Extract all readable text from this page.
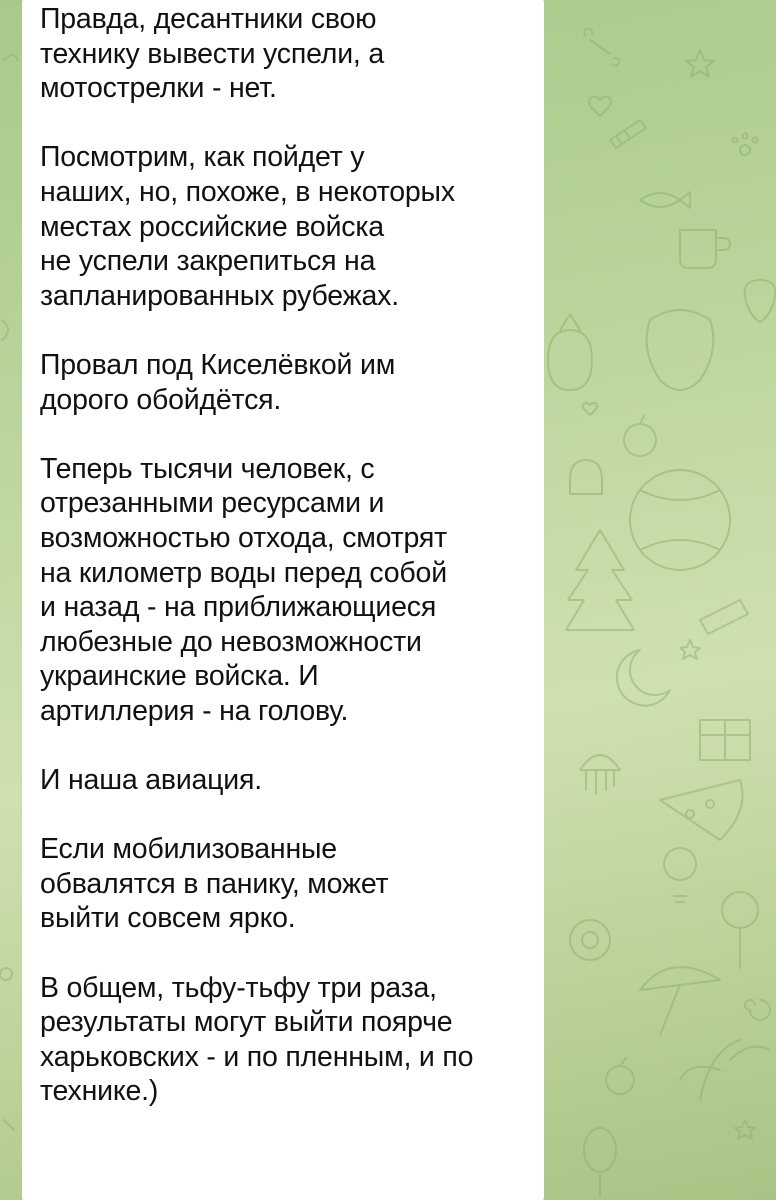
Правда, десантники свою
технику вывести успели, а
мотострелки - нет.

Посмотрим, как пойдет у
наших, но, похоже, в некоторых
местах российские войска
не успели закрепиться на
запланированных рубежах.

Провал под Киселёвкой им
дорого обойдётся.

Теперь тысячи человек, с
отрезанными ресурсами и
возможностью отхода, смотрят
на километр воды перед собой
и назад - на приближающиеся
любезные до невозможности
украинские войска. И
артиллерия - на голову.

И наша авиация.

Если мобилизованные
обвалятся в панику, может
выйти совсем ярко.

В общем, тьфу-тьфу три раза,
результаты могут выйти поярче
харьковских - и по пленным, и по
технике.)
